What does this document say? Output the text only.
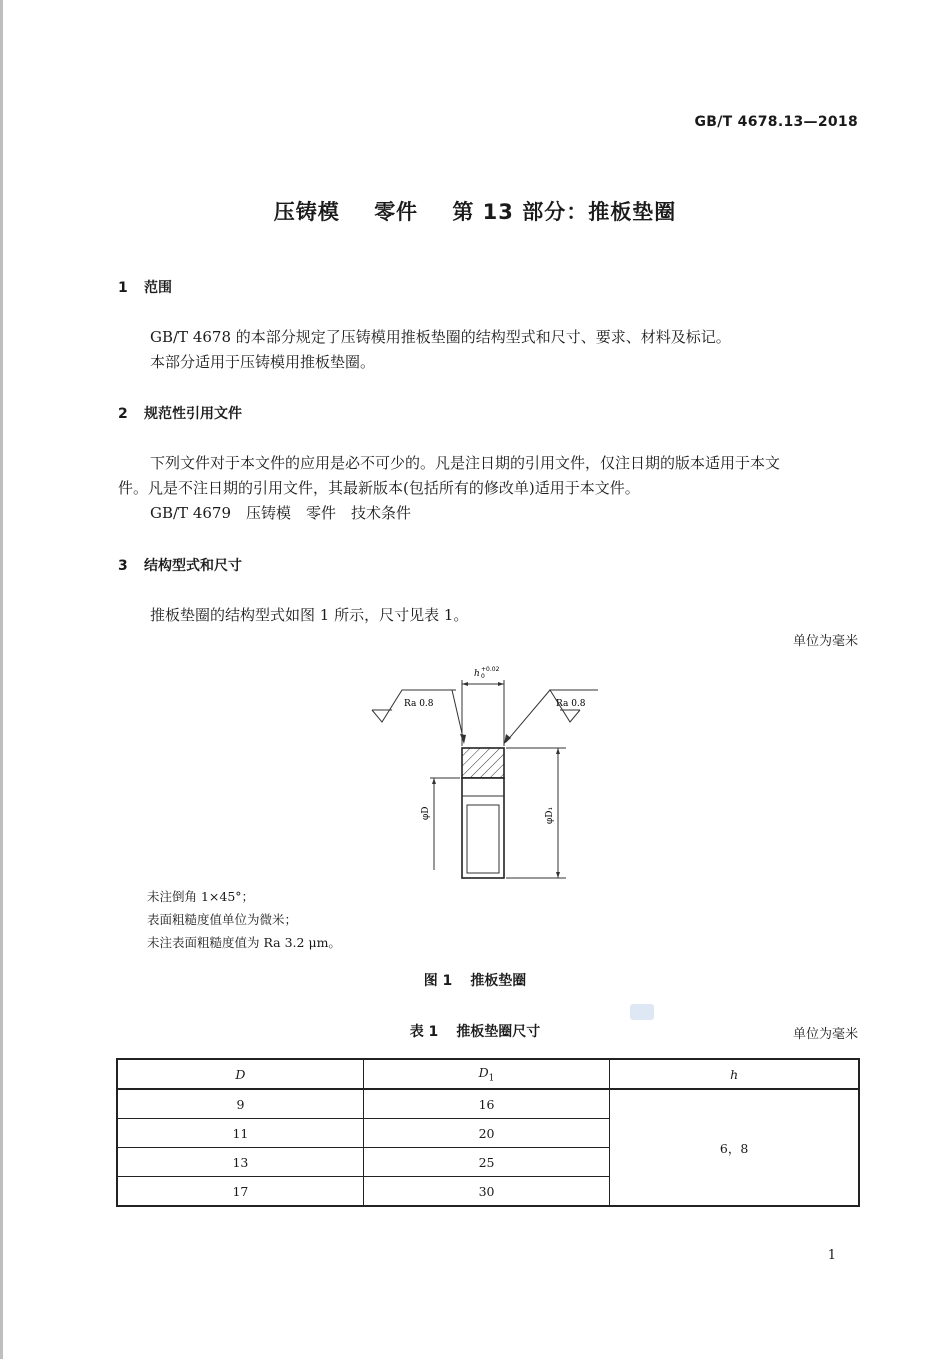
GB/T 4678.13—2018
压铸模 零件 第 13 部分：推板垫圈
1 范围
GB/T 4678 的本部分规定了压铸模用推板垫圈的结构型式和尺寸、要求、材料及标记。
本部分适用于压铸模用推板垫圈。
2 规范性引用文件
下列文件对于本文件的应用是必不可少的。凡是注日期的引用文件，仅注日期的版本适用于本文
件。凡是不注日期的引用文件，其最新版本(包括所有的修改单)适用于本文件。
GB/T 4679　压铸模　零件　技术条件
3 结构型式和尺寸
推板垫圈的结构型式如图 1 所示，尺寸见表 1。
单位为毫米
h +0.02
0
Ra 0.8	Ra 0.8
φD	φD₁
未注倒角 1×45°；
表面粗糙度值单位为微米；
未注表面粗糙度值为 Ra 3.2 μm。
图 1 推板垫圈
表 1 推板垫圈尺寸	单位为毫米
D	$D_1$	h
9	16	6，8
11	20	
13	25	
17	30	
1
